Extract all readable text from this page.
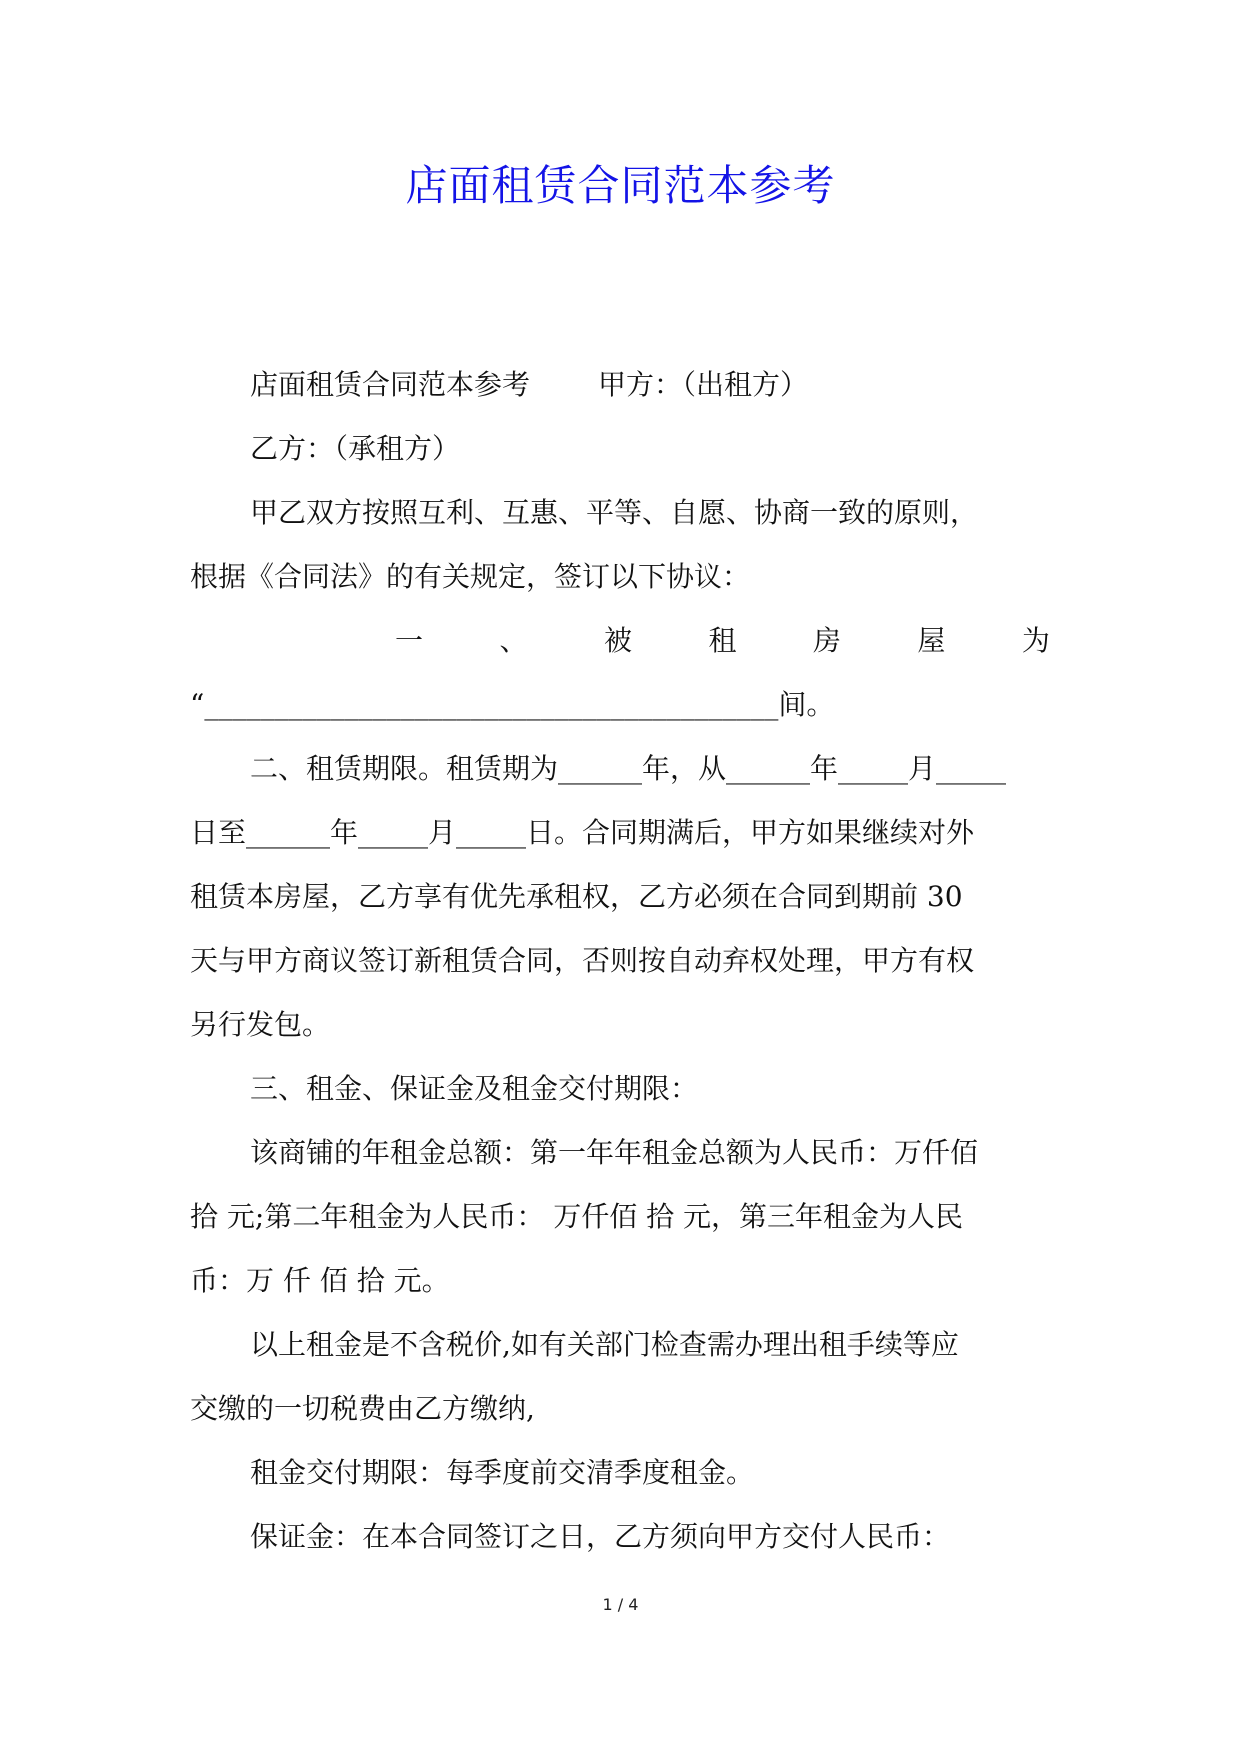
店面租赁合同范本参考

店面租赁合同范本参考 甲方：（出租方）

乙方：（承租方）

甲乙双方按照互利、互惠、平等、自愿、协商一致的原则，

根据《合同法》的有关规定，签订以下协议：

一	、	被	租	房	屋	为

“_________________________________________间。

二、租赁期限。租赁期为______年，从______年_____月_____

日至______年_____月_____日。合同期满后，甲方如果继续对外

租赁本房屋，乙方享有优先承租权，乙方必须在合同到期前 30

天与甲方商议签订新租赁合同，否则按自动弃权处理，甲方有权

另行发包。

三、租金、保证金及租金交付期限：

该商铺的年租金总额：第一年年租金总额为人民币：万仟佰

拾 元;第二年租金为人民币： 万仟佰 拾 元，第三年租金为人民

币：万 仟 佰 拾 元。

以上租金是不含税价,如有关部门检查需办理出租手续等应

交缴的一切税费由乙方缴纳,

租金交付期限：每季度前交清季度租金。

保证金：在本合同签订之日，乙方须向甲方交付人民币：

1 / 4
